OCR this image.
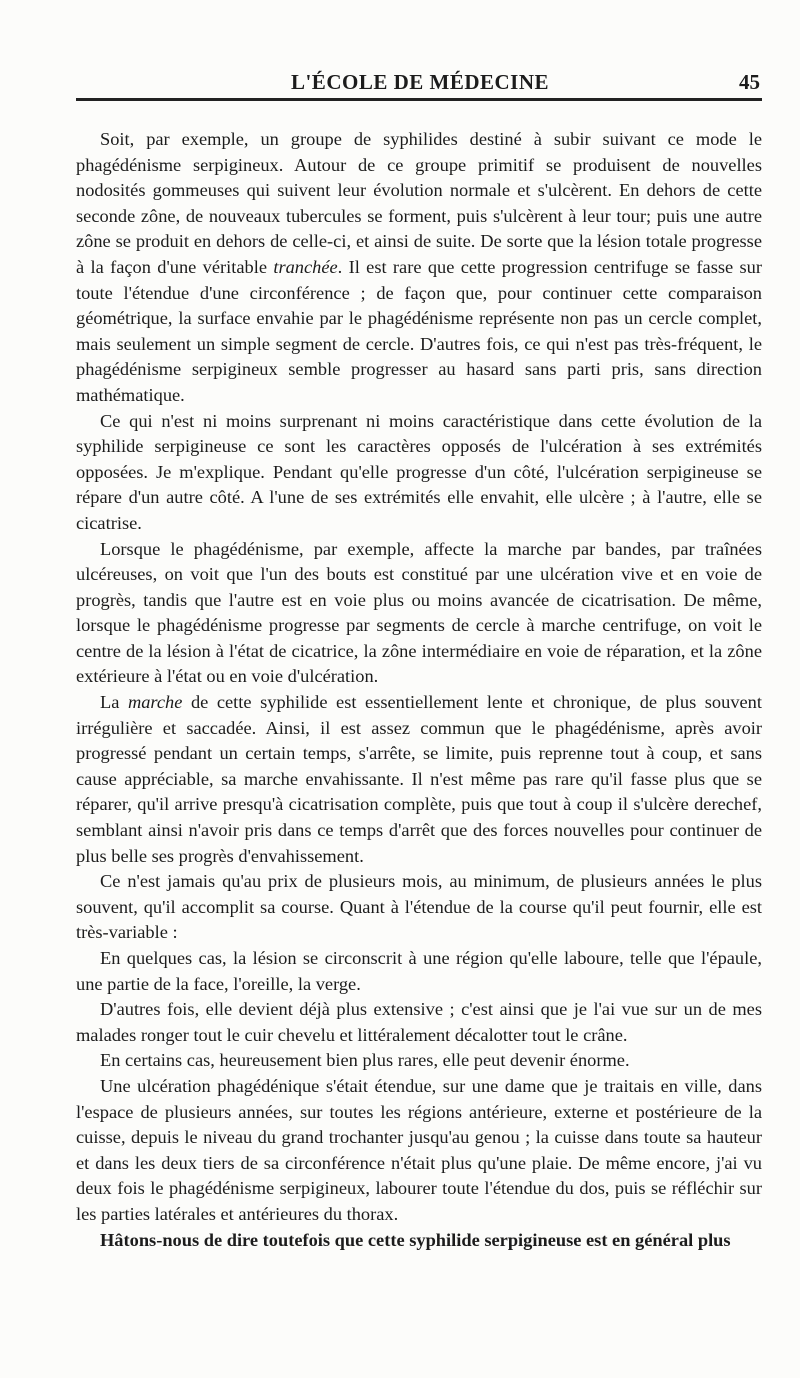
L'ÉCOLE DE MÉDECINE	45

Soit, par exemple, un groupe de syphilides destiné à subir suivant ce mode le phagédénisme serpigineux. Autour de ce groupe primitif se produisent de nouvelles nodosités gommeuses qui suivent leur évolution normale et s'ulcèrent. En dehors de cette seconde zône, de nouveaux tubercules se forment, puis s'ulcèrent à leur tour; puis une autre zône se produit en dehors de celle-ci, et ainsi de suite. De sorte que la lésion totale progresse à la façon d'une véritable tranchée. Il est rare que cette progression centrifuge se fasse sur toute l'étendue d'une circonférence ; de façon que, pour continuer cette comparaison géométrique, la surface envahie par le phagédénisme représente non pas un cercle complet, mais seulement un simple segment de cercle. D'autres fois, ce qui n'est pas très-fréquent, le phagédénisme serpigineux semble progresser au hasard sans parti pris, sans direction mathématique.

Ce qui n'est ni moins surprenant ni moins caractéristique dans cette évolution de la syphilide serpigineuse ce sont les caractères opposés de l'ulcération à ses extrémités opposées. Je m'explique. Pendant qu'elle progresse d'un côté, l'ulcération serpigineuse se répare d'un autre côté. A l'une de ses extrémités elle envahit, elle ulcère ; à l'autre, elle se cicatrise.

Lorsque le phagédénisme, par exemple, affecte la marche par bandes, par traînées ulcéreuses, on voit que l'un des bouts est constitué par une ulcération vive et en voie de progrès, tandis que l'autre est en voie plus ou moins avancée de cicatrisation. De même, lorsque le phagédénisme progresse par segments de cercle à marche centrifuge, on voit le centre de la lésion à l'état de cicatrice, la zône intermédiaire en voie de réparation, et la zône extérieure à l'état ou en voie d'ulcération.

La marche de cette syphilide est essentiellement lente et chronique, de plus souvent irrégulière et saccadée. Ainsi, il est assez commun que le phagédénisme, après avoir progressé pendant un certain temps, s'arrête, se limite, puis reprenne tout à coup, et sans cause appréciable, sa marche envahissante. Il n'est même pas rare qu'il fasse plus que se réparer, qu'il arrive presqu'à cicatrisation complète, puis que tout à coup il s'ulcère derechef, semblant ainsi n'avoir pris dans ce temps d'arrêt que des forces nouvelles pour continuer de plus belle ses progrès d'envahissement.

Ce n'est jamais qu'au prix de plusieurs mois, au minimum, de plusieurs années le plus souvent, qu'il accomplit sa course. Quant à l'étendue de la course qu'il peut fournir, elle est très-variable :

En quelques cas, la lésion se circonscrit à une région qu'elle laboure, telle que l'épaule, une partie de la face, l'oreille, la verge.

D'autres fois, elle devient déjà plus extensive ; c'est ainsi que je l'ai vue sur un de mes malades ronger tout le cuir chevelu et littéralement décalotter tout le crâne.

En certains cas, heureusement bien plus rares, elle peut devenir énorme.

Une ulcération phagédénique s'était étendue, sur une dame que je traitais en ville, dans l'espace de plusieurs années, sur toutes les régions antérieure, externe et postérieure de la cuisse, depuis le niveau du grand trochanter jusqu'au genou ; la cuisse dans toute sa hauteur et dans les deux tiers de sa circonférence n'était plus qu'une plaie. De même encore, j'ai vu deux fois le phagédénisme serpigineux, labourer toute l'étendue du dos, puis se réfléchir sur les parties latérales et antérieures du thorax.

Hâtons-nous de dire toutefois que cette syphilide serpigineuse est en général plus
